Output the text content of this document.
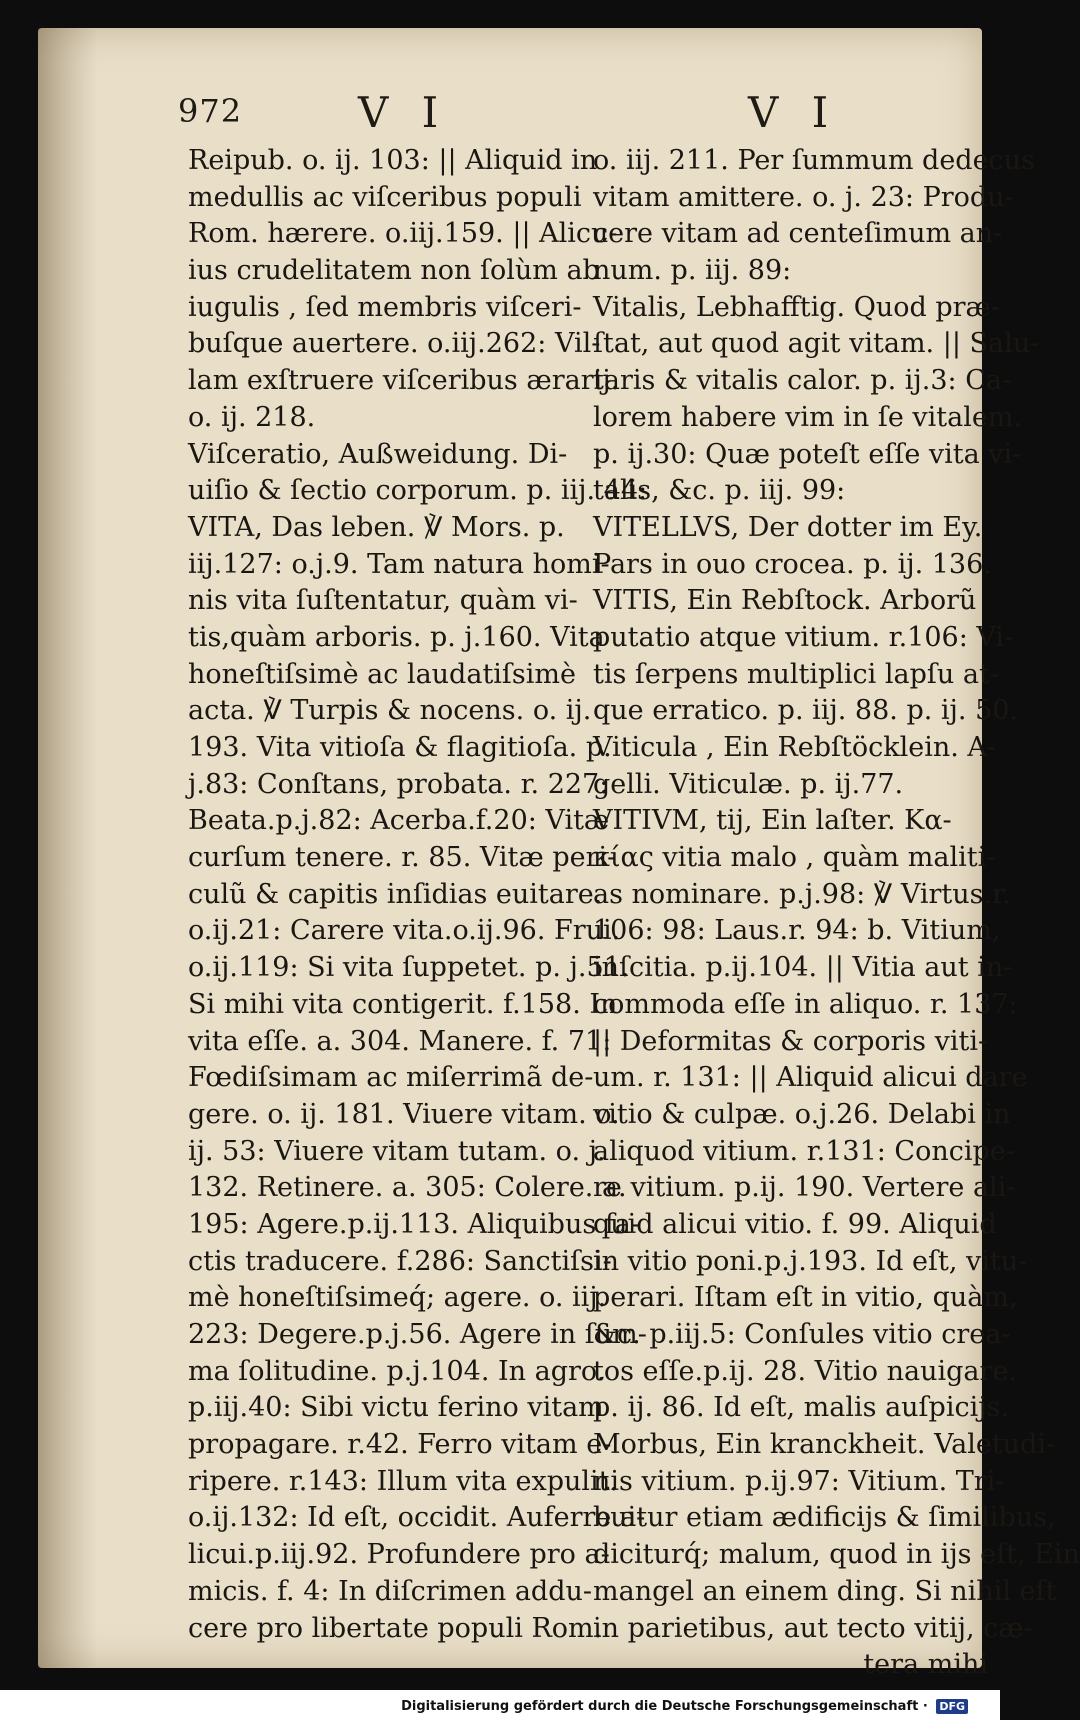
972	V I	V I
Reipub. o. ij. 103: || Aliquid in
medullis ac viſceribus populi
Rom. hærere. o.iij.159. || Alicu-
ius crudelitatem non ſolùm ab
iugulis , ſed membris viſceri-
buſque auertere. o.iij.262: Vil-
lam exſtruere viſceribus ærarij.
o. ij. 218.
Viſceratio, Außweidung. Di-
uiſio & ſectio corporum. p. iij. 44:
VITA, Das leben. ℣ Mors. p.
iij.127: o.j.9. Tam natura homi-
nis vita ſuſtentatur, quàm vi-
tis,quàm arboris. p. j.160. Vita
honeſtiſsimè ac laudatiſsimè
acta. ℣ Turpis & nocens. o. ij.
193. Vita vitioſa & flagitioſa. p.
j.83: Conſtans, probata. r. 227:
Beata.p.j.82: Acerba.f.20: Vitæ
curſum tenere. r. 85. Vitæ peri-
culũ & capitis inſidias euitare.
o.ij.21: Carere vita.o.ij.96. Frui.
o.ij.119: Si vita ſuppetet. p. j.51.
Si mihi vita contigerit. f.158. In
vita eſſe. a. 304. Manere. f. 71:
Fœdiſsimam ac miſerrimã de-
gere. o. ij. 181. Viuere vitam. o.
ij. 53: Viuere vitam tutam. o. j.
132. Retinere. a. 305: Colere. a.
195: Agere.p.ij.113. Aliquibus fa-
ctis traducere. f.286: Sanctiſsi-
mè honeſtiſsimeq́; agere. o. iij.
223: Degere.p.j.56. Agere in ſum-
ma ſolitudine. p.j.104. In agro.
p.iij.40: Sibi victu ferino vitam
propagare. r.42. Ferro vitam e-
ripere. r.143: Illum vita expulit.
o.ij.132: Id eſt, occidit. Auferre a-
licui.p.iij.92. Profundere pro a-
micis. f. 4: In diſcrimen addu-
cere pro libertate populi Rom.
o. iij. 211. Per ſummum dedecus
vitam amittere. o. j. 23: Produ-
cere vitam ad centeſimum an-
num. p. iij. 89:
Vitalis, Lebhafftig. Quod præ-
ſtat, aut quod agit vitam. || Salu-
taris & vitalis calor. p. ij.3: Ca-
lorem habere vim in ſe vitalem.
p. ij.30: Quæ poteſt eſſe vita vi-
talis, &c. p. iij. 99:
VITELLVS, Der dotter im Ey.
Pars in ouo crocea. p. ij. 136.
VITIS, Ein Rebſtock. Arborũ
putatio atque vitium. r.106: Vi-
tis ſerpens multiplici lapſu at-
que erratico. p. iij. 88. p. ij. 50.
Viticula , Ein Rebſtöcklein. A-
gelli. Viticulæ. p. ij.77.
VITIVM, tij, Ein laſter. Κα-
κίας vitia malo , quàm maliti-
as nominare. p.j.98: ℣ Virtus.r.
106: 98: Laus.r. 94: b. Vitium,
inſcitia. p.ij.104. || Vitia aut in-
commoda eſſe in aliquo. r. 137:
|| Deformitas & corporis viti-
um. r. 131: || Aliquid alicui dare
vitio & culpæ. o.j.26. Delabi in
aliquod vitium. r.131: Concipe-
re vitium. p.ij. 190. Vertere ali-
quid alicui vitio. f. 99. Aliquid
in vitio poni.p.j.193. Id eſt, vitu-
perari. Iſtam eſt in vitio, quàm,
&c. p.iij.5: Conſules vitio crea-
tos eſſe.p.ij. 28. Vitio nauigare.
p. ij. 86. Id eſt, malis auſpicijs.
Morbus, Ein kranckheit. Valetudi-
nis vitium. p.ij.97: Vitium. Tri-
buitur etiam ædificijs & ſimilibus,
diciturq́; malum, quod in ijs eſt, Ein
mangel an einem ding. Si nihil eſt
in parietibus, aut tecto vitij, cæ-
tera mihi
Digitalisierung gefördert durch die Deutsche Forschungsgemeinschaft · DFG
